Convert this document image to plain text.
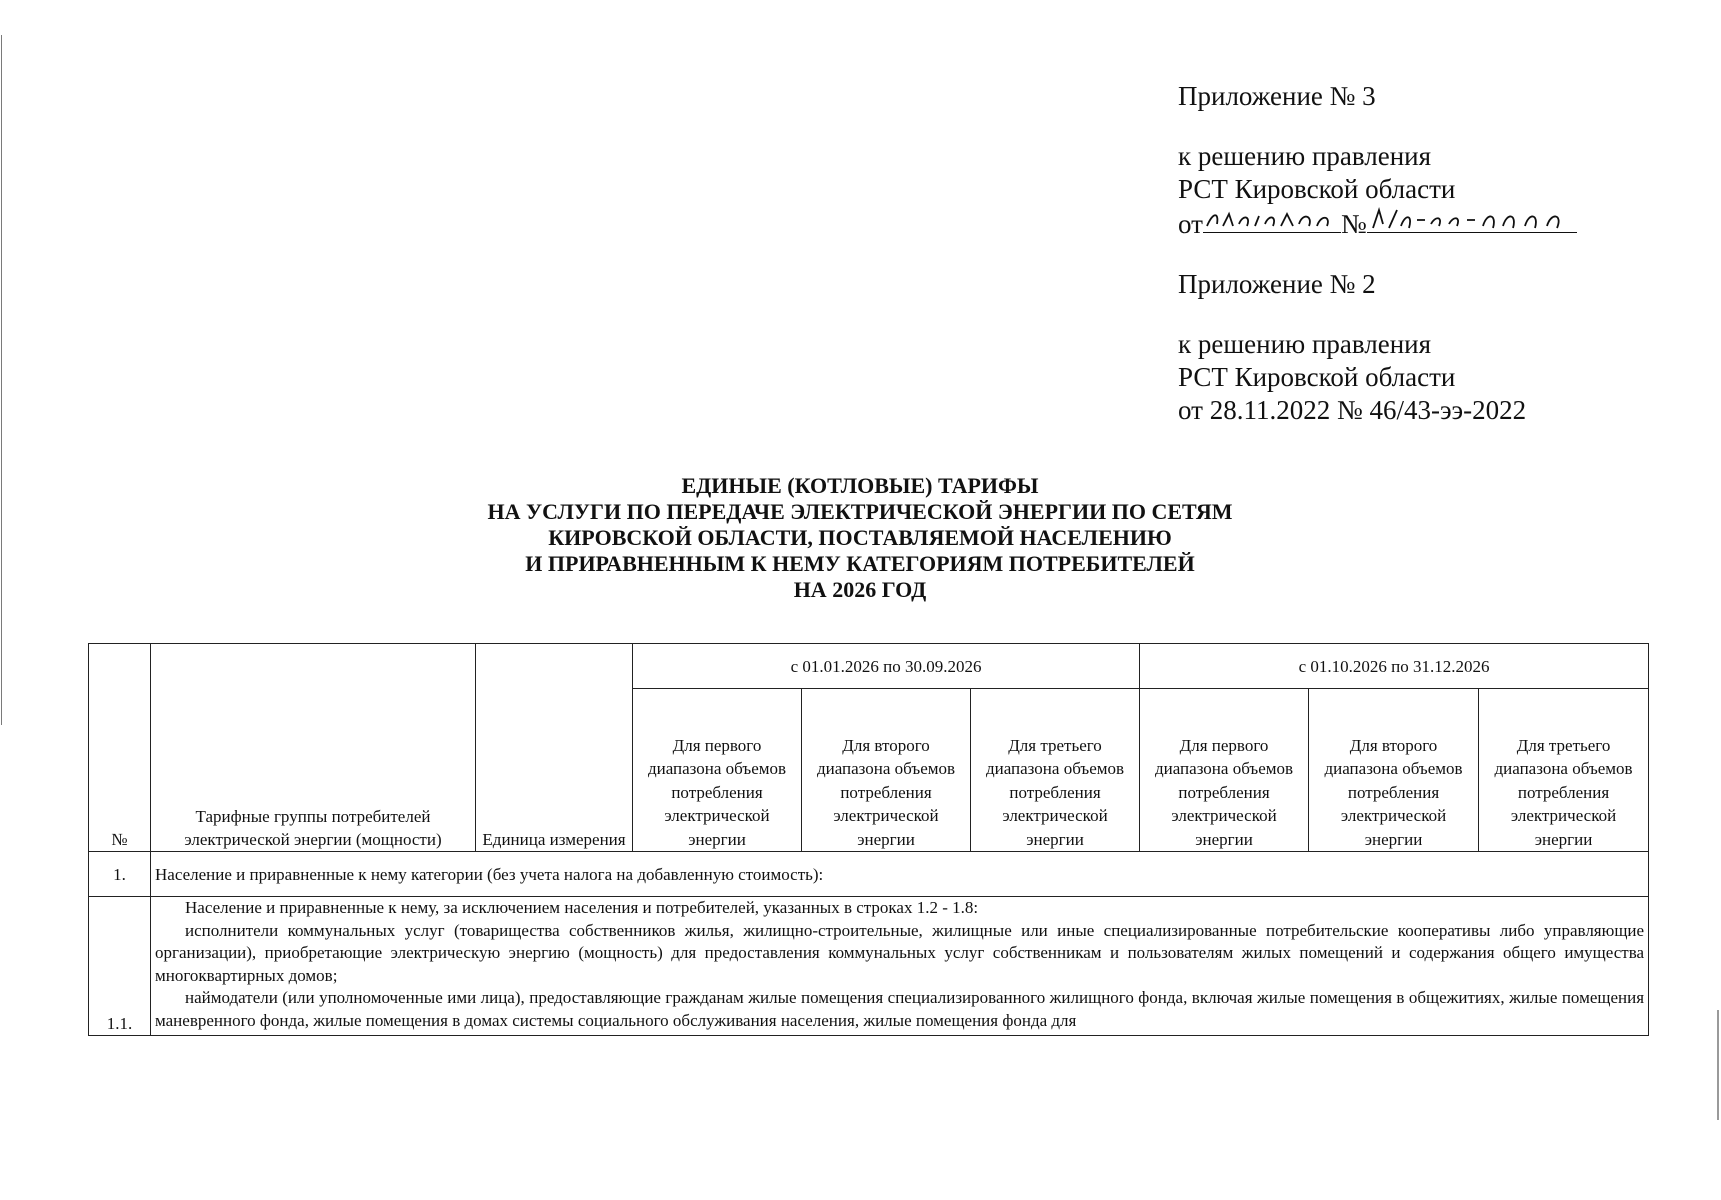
Приложение № 3

к решению правления

РСТ Кировской области

от	№

Приложение № 2

к решению правления

РСТ Кировской области

от 28.11.2022 № 46/43-ээ-2022

ЕДИНЫЕ (КОТЛОВЫЕ) ТАРИФЫ
НА УСЛУГИ ПО ПЕРЕДАЧЕ ЭЛЕКТРИЧЕСКОЙ ЭНЕРГИИ ПО СЕТЯМ
КИРОВСКОЙ ОБЛАСТИ, ПОСТАВЛЯЕМОЙ НАСЕЛЕНИЮ
И ПРИРАВНЕННЫМ К НЕМУ КАТЕГОРИЯМ ПОТРЕБИТЕЛЕЙ
НА 2026 ГОД
№	Тарифные группы потребителей электрической энергии (мощности)	Единица измерения	с 01.01.2026 по 30.09.2026			с 01.10.2026 по 31.12.2026		
			Для первого диапазона объемов потребления электрической энергии	Для второго диапазона объемов потребления электрической энергии	Для третьего диапазона объемов потребления электрической энергии	Для первого диапазона объемов потребления электрической энергии	Для второго диапазона объемов потребления электрической энергии	Для третьего диапазона объемов потребления электрической энергии
1.	Население и приравненные к нему категории (без учета налога на добавленную стоимость):							
1.1.	Население и приравненные к нему, за исключением населения и потребителей, указанных в строках 1.2 - 1.8:

исполнители коммунальных услуг (товарищества собственников жилья, жилищно-строительные, жилищные или иные специализированные потребительские кооперативы либо управляющие организации), приобретающие электрическую энергию (мощность) для предоставления коммунальных услуг собственникам и пользователям жилых помещений и содержания общего имущества многоквартирных домов;

наймодатели (или уполномоченные ими лица), предоставляющие гражданам жилые помещения специализированного жилищного фонда, включая жилые помещения в общежитиях, жилые помещения маневренного фонда, жилые помещения в домах системы социального обслуживания населения, жилые помещения фонда для							
